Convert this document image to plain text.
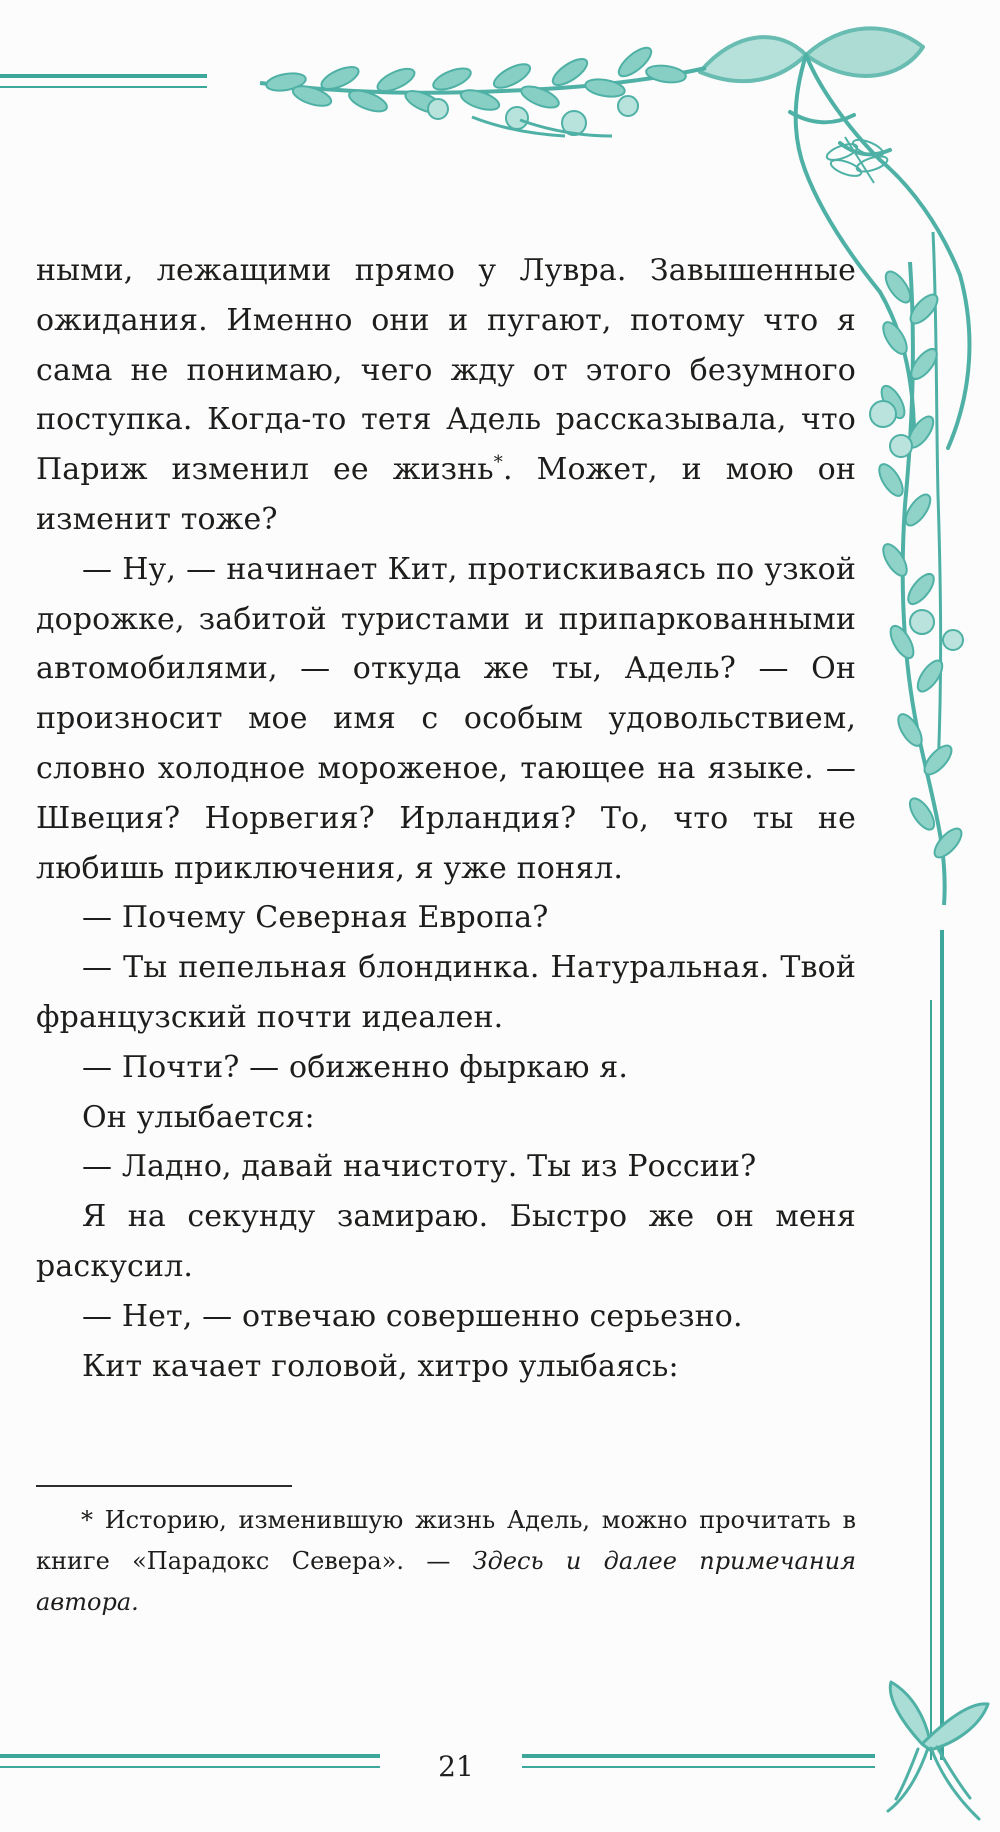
ными, лежащими прямо у Лувра. Завышенные ожидания. Именно они и пугают, потому что я сама не понимаю, чего жду от этого безумного поступка. Когда-то тетя Адель рассказывала, что Париж изменил ее жизнь*. Может, и мою он изменит тоже?

— Ну, — начинает Кит, протискиваясь по узкой дорожке, забитой туристами и припаркованными автомобилями, — откуда же ты, Адель? — Он произносит мое имя с особым удовольствием, словно холодное мороженое, тающее на языке. — Швеция? Норвегия? Ирландия? То, что ты не любишь приключения, я уже понял.

— Почему Северная Европа?

— Ты пепельная блондинка. Натуральная. Твой французский почти идеален.

— Почти? — обиженно фыркаю я.

Он улыбается:

— Ладно, давай начистоту. Ты из России?

Я на секунду замираю. Быстро же он меня раскусил.

— Нет, — отвечаю совершенно серьезно.

Кит качает головой, хитро улыбаясь:

* Историю, изменившую жизнь Адель, можно прочитать в книге «Парадокс Севера». — Здесь и далее примечания автора.

21
